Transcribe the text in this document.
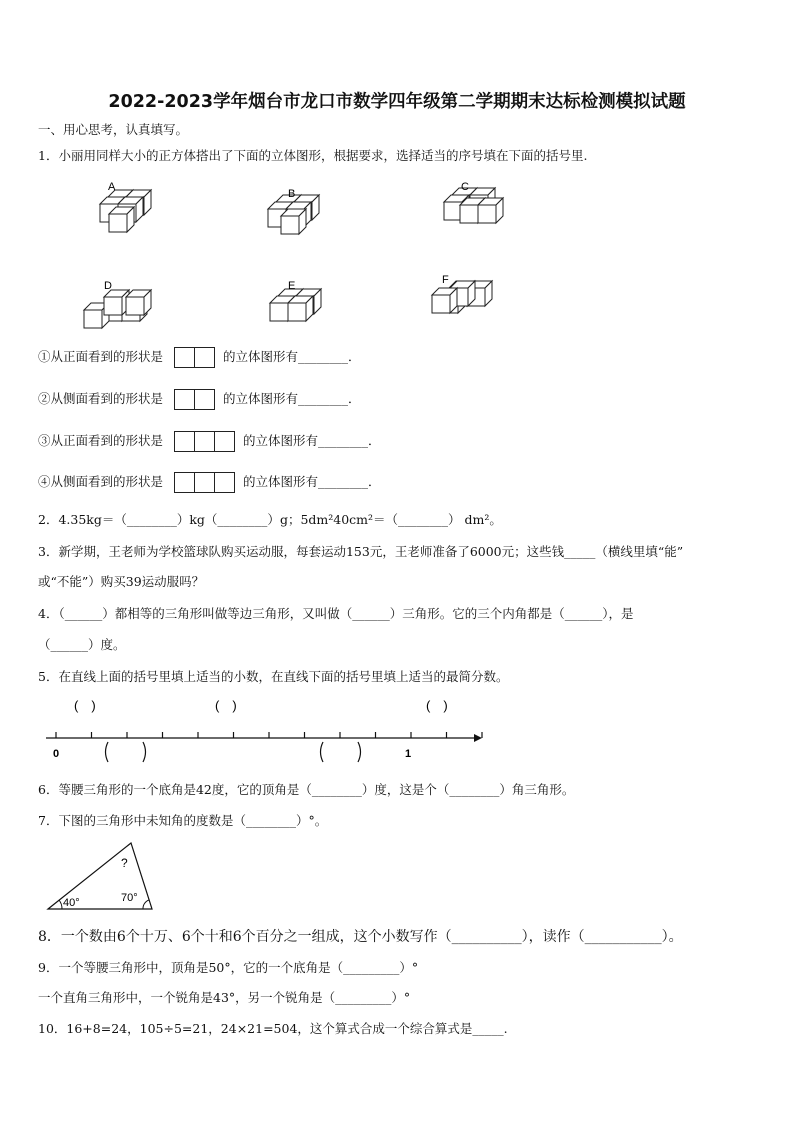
2022-2023学年烟台市龙口市数学四年级第二学期期末达标检测模拟试题
一、用心思考，认真填写。
1．小丽用同样大小的正方体搭出了下面的立体图形，根据要求，选择适当的序号填在下面的括号里.
A
B
C
D	E	F
①从正面看到的形状是	的立体图形有________．
②从侧面看到的形状是	的立体图形有________．
③从正面看到的形状是	的立体图形有________．
④从侧面看到的形状是	的立体图形有________．
2．4.35kg＝（________）kg（________）g；5dm²40cm²＝（________） dm²。
3．新学期，王老师为学校篮球队购买运动服，每套运动153元，王老师准备了6000元；这些钱_____（横线里填“能”
或“不能”）购买39运动服吗？
4．（______）都相等的三角形叫做等边三角形，又叫做（______）三角形。它的三个内角都是（______），是
（______）度。
5．在直线上面的括号里填上适当的小数，在直线下面的括号里填上适当的最简分数。
(　)	(　)	(　)
0	1
6．等腰三角形的一个底角是42度，它的顶角是（________）度，这是个（________）角三角形。
7．下图的三角形中未知角的度数是（________）°。
40°	70°
?
8．一个数由6个十万、6个十和6个百分之一组成，这个小数写作（__________），读作（___________）。
9．一个等腰三角形中，顶角是50°，它的一个底角是（_________）°
一个直角三角形中，一个锐角是43°，另一个锐角是（_________）°
10．16+8=24，105÷5=21，24×21=504，这个算式合成一个综合算式是_____.
